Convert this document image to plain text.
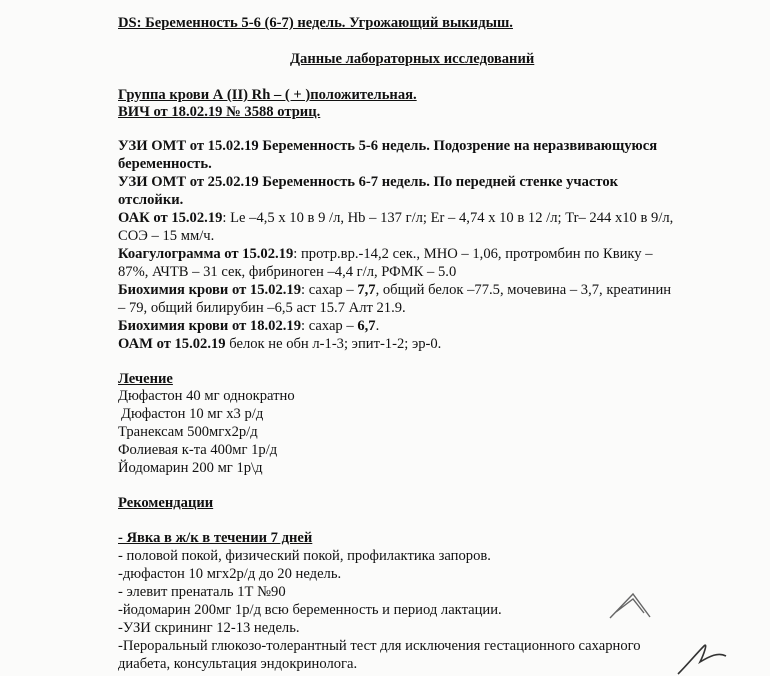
DS: Беременность 5-6 (6-7) недель. Угрожающий выкидыш.
Данные лабораторных исследований
Группа крови А (II) Rh – ( + )положительная.
ВИЧ от 18.02.19 № 3588 отриц.
УЗИ ОМТ от 15.02.19 Беременность 5-6 недель. Подозрение на неразвивающуюся
беременность.
УЗИ ОМТ от 25.02.19 Беременность 6-7 недель. По передней стенке участок
отслойки.
ОАК от 15.02.19: Le –4,5 х 10 в 9 /л, Hb – 137 г/л; Er – 4,74 х 10 в 12 /л; Tr– 244 х10 в 9/л,
СОЭ – 15 мм/ч.
Коагулограмма от 15.02.19: протр.вр.-14,2 сек., МНО – 1,06, протромбин по Квику –
87%, АЧТВ – 31 сек, фибриноген –4,4 г/л, РФМК – 5.0
Биохимия крови от 15.02.19: сахар – 7,7, общий белок –77.5, мочевина – 3,7, креатинин
– 79, общий билирубин –6,5 аст 15.7 Алт 21.9.
Биохимия крови от 18.02.19: сахар – 6,7.
ОАМ от 15.02.19 белок не обн л-1-3; эпит-1-2; эр-0.
Лечение
Дюфастон 40 мг однократно
Дюфастон 10 мг х3 р/д
Транексам 500мгх2р/д
Фолиевая к-та 400мг 1р/д
Йодомарин 200 мг 1р\д
Рекомендации
- Явка в ж/к в течении 7 дней
- половой покой, физический покой, профилактика запоров.
-дюфастон 10 мгх2р/д до 20 недель.
- элевит пренаталь 1Т №90
-йодомарин 200мг 1р/д всю беременность и период лактации.
-УЗИ скрининг 12-13 недель.
-Пероральный глюкозо-толерантный тест для исключения гестационного сахарного
диабета, консультация эндокринолога.
